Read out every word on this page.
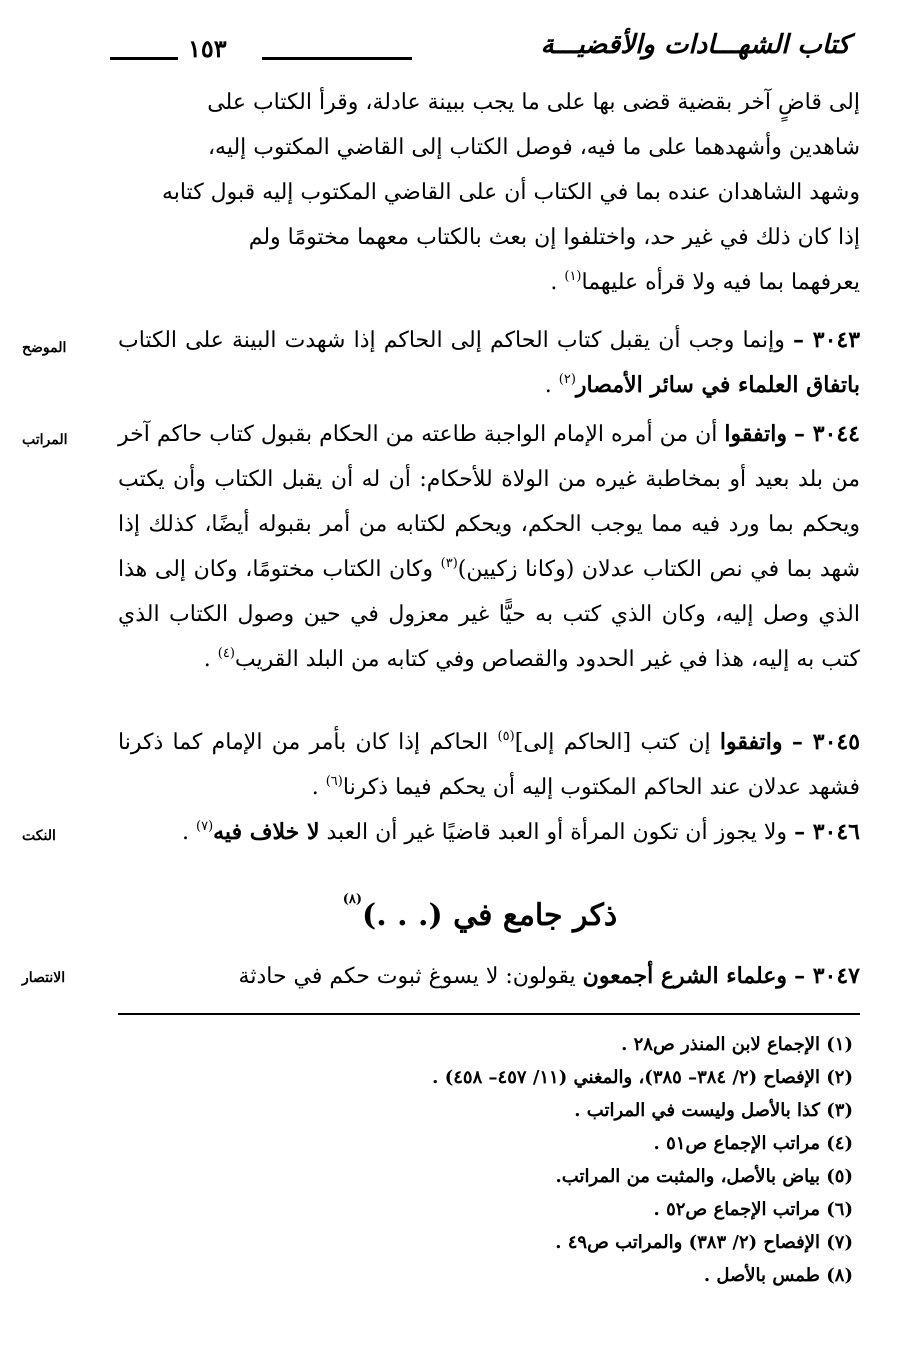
كتاب الشهـــادات والأقضيـــة
١٥٣

إلى قاضٍ آخر بقضية قضى بها على ما يجب ببينة عادلة، وقرأ الكتاب على

شاهدين وأشهدهما على ما فيه، فوصل الكتاب إلى القاضي المكتوب إليه،

وشهد الشاهدان عنده بما في الكتاب أن على القاضي المكتوب إليه قبول كتابه

إذا كان ذلك في غير حد، واختلفوا إن بعث بالكتاب معهما مختومًا ولم

يعرفهما بما فيه ولا قرأه عليهما$^{(١)}$ .

٣٠٤٣ – وإنما وجب أن يقبل كتاب الحاكم إلى الحاكم إذا شهدت البينة على الكتاب باتفاق العلماء في سائر الأمصار$^{(٢)}$ .

الموضح

٣٠٤٤ – واتفقوا أن من أمره الإمام الواجبة طاعته من الحكام بقبول كتاب حاكم آخر من بلد بعيد أو بمخاطبة غيره من الولاة للأحكام: أن له أن يقبل الكتاب وأن يكتب ويحكم بما ورد فيه مما يوجب الحكم، ويحكم لكتابه من أمر بقبوله أيضًا، كذلك إذا شهد بما في نص الكتاب عدلان (وكانا زكيين)$^{(٣)}$ وكان الكتاب مختومًا، وكان إلى هذا الذي وصل إليه، وكان الذي كتب به حيًّا غير معزول في حين وصول الكتاب الذي كتب به إليه، هذا في غير الحدود والقصاص وفي كتابه من البلد القريب$^{(٤)}$ .

المراتب

٣٠٤٥ – واتفقوا إن كتب [الحاكم إلى]$^{(٥)}$ الحاكم إذا كان بأمر من الإمام كما ذكرنا فشهد عدلان عند الحاكم المكتوب إليه أن يحكم فيما ذكرنا$^{(٦)}$ .

٣٠٤٦ – ولا يجوز أن تكون المرأة أو العبد قاضيًا غير أن العبد لا خلاف فيه$^{(٧)}$ .

النكت
ذكر جامع في (. . .)$^{(٨)}$

٣٠٤٧ – وعلماء الشرع أجمعون يقولون: لا يسوغ ثبوت حكم في حادثة

الانتصار
(١) الإجماع لابن المنذر ص٢٨ .
(٢) الإفصاح (٢/ ٣٨٤– ٣٨٥)، والمغني (١١/ ٤٥٧– ٤٥٨) .
(٣) كذا بالأصل وليست في المراتب .
(٤) مراتب الإجماع ص٥١ .
(٥) بياض بالأصل، والمثبت من المراتب.
(٦) مراتب الإجماع ص٥٢ .
(٧) الإفصاح (٢/ ٣٨٣) والمراتب ص٤٩ .
(٨) طمس بالأصل .
